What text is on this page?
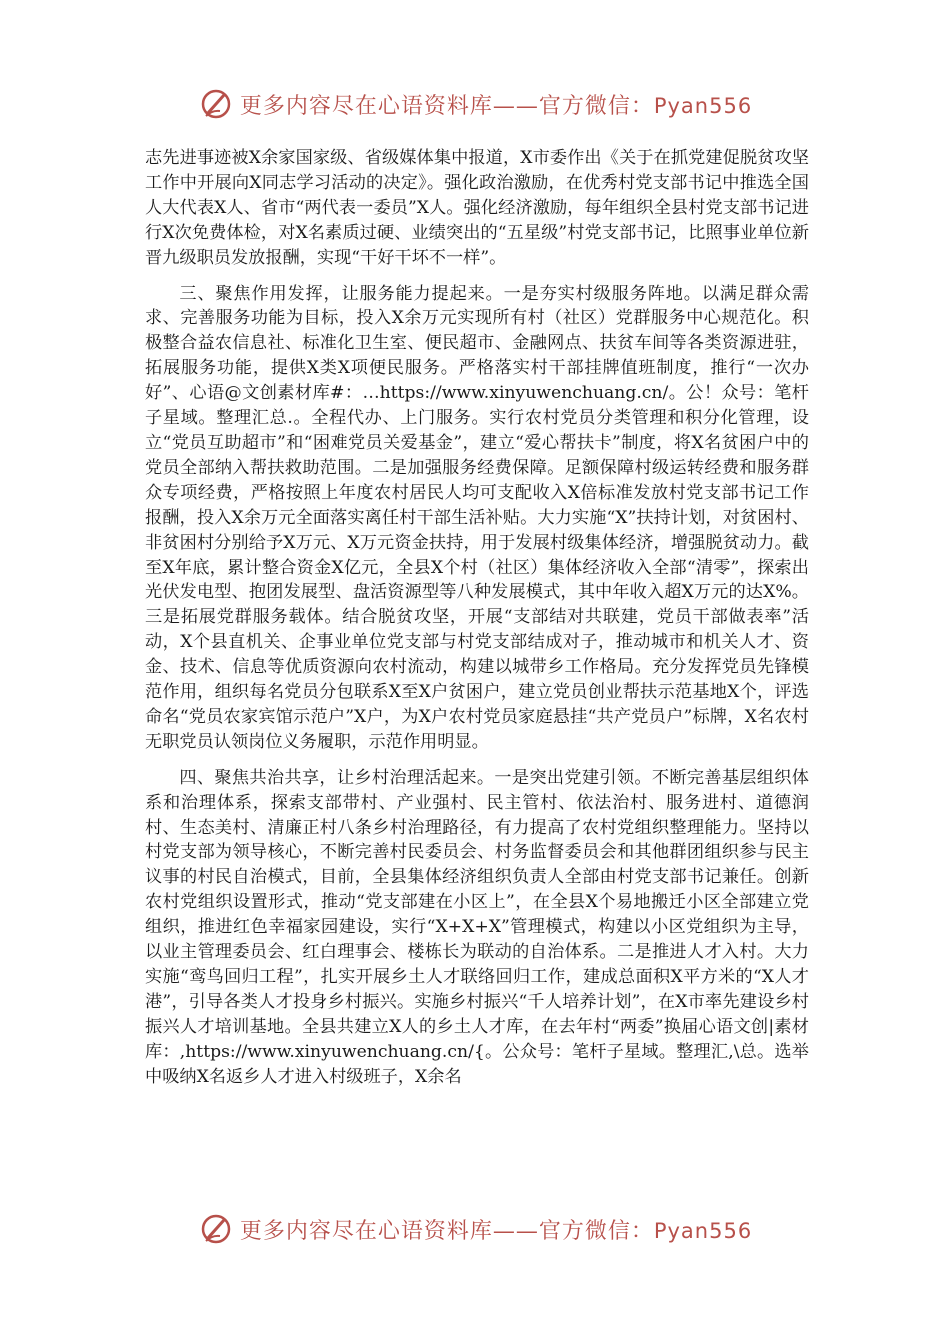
更多内容尽在心语资料库——官方微信：Pyan556

志先进事迹被X余家国家级、省级媒体集中报道，X市委作出《关于在抓党建促脱贫攻坚工作中开展向X同志学习活动的决定》。强化政治激励，在优秀村党支部书记中推选全国人大代表X人、省市“两代表一委员”X人。强化经济激励，每年组织全县村党支部书记进行X次免费体检，对X名素质过硬、业绩突出的“五星级”村党支部书记，比照事业单位新晋九级职员发放报酬，实现“干好干坏不一样”。

三、聚焦作用发挥，让服务能力提起来。一是夯实村级服务阵地。以满足群众需求、完善服务功能为目标，投入X余万元实现所有村（社区）党群服务中心规范化。积极整合益农信息社、标准化卫生室、便民超市、金融网点、扶贫车间等各类资源进驻，拓展服务功能，提供X类X项便民服务。严格落实村干部挂牌值班制度，推行“一次办好”、心语@文创素材库#：…https://www.xinyuwenchuang.cn/。公！众号：笔杆子星域。整理汇总.。全程代办、上门服务。实行农村党员分类管理和积分化管理，设立“党员互助超市”和“困难党员关爱基金”，建立“爱心帮扶卡”制度，将X名贫困户中的党员全部纳入帮扶救助范围。二是加强服务经费保障。足额保障村级运转经费和服务群众专项经费，严格按照上年度农村居民人均可支配收入X倍标准发放村党支部书记工作报酬，投入X余万元全面落实离任村干部生活补贴。大力实施“X”扶持计划，对贫困村、非贫困村分别给予X万元、X万元资金扶持，用于发展村级集体经济，增强脱贫动力。截至X年底，累计整合资金X亿元，全县X个村（社区）集体经济收入全部“清零”，探索出光伏发电型、抱团发展型、盘活资源型等八种发展模式，其中年收入超X万元的达X%。三是拓展党群服务载体。结合脱贫攻坚，开展“支部结对共联建，党员干部做表率”活动，X个县直机关、企事业单位党支部与村党支部结成对子，推动城市和机关人才、资金、技术、信息等优质资源向农村流动，构建以城带乡工作格局。充分发挥党员先锋模范作用，组织每名党员分包联系X至X户贫困户，建立党员创业帮扶示范基地X个，评选命名“党员农家宾馆示范户”X户，为X户农村党员家庭悬挂“共产党员户”标牌，X名农村无职党员认领岗位义务履职，示范作用明显。

四、聚焦共治共享，让乡村治理活起来。一是突出党建引领。不断完善基层组织体系和治理体系，探索支部带村、产业强村、民主管村、依法治村、服务进村、道德润村、生态美村、清廉正村八条乡村治理路径，有力提高了农村党组织整理能力。坚持以村党支部为领导核心，不断完善村民委员会、村务监督委员会和其他群团组织参与民主议事的村民自治模式，目前，全县集体经济组织负责人全部由村党支部书记兼任。创新农村党组织设置形式，推动“党支部建在小区上”，在全县X个易地搬迁小区全部建立党组织，推进红色幸福家园建设，实行“X+X+X”管理模式，构建以小区党组织为主导，以业主管理委员会、红白理事会、楼栋长为联动的自治体系。二是推进人才入村。大力实施“鸾鸟回归工程”，扎实开展乡土人才联络回归工作，建成总面积X平方米的“X人才港”，引导各类人才投身乡村振兴。实施乡村振兴“千人培养计划”，在X市率先建设乡村振兴人才培训基地。全县共建立X人的乡土人才库，在去年村“两委”换届心语文创|素材库：,https://www.xinyuwenchuang.cn/{。公众号：笔杆子星域。整理汇,\总。选举中吸纳X名返乡人才进入村级班子，X余名

更多内容尽在心语资料库——官方微信：Pyan556
